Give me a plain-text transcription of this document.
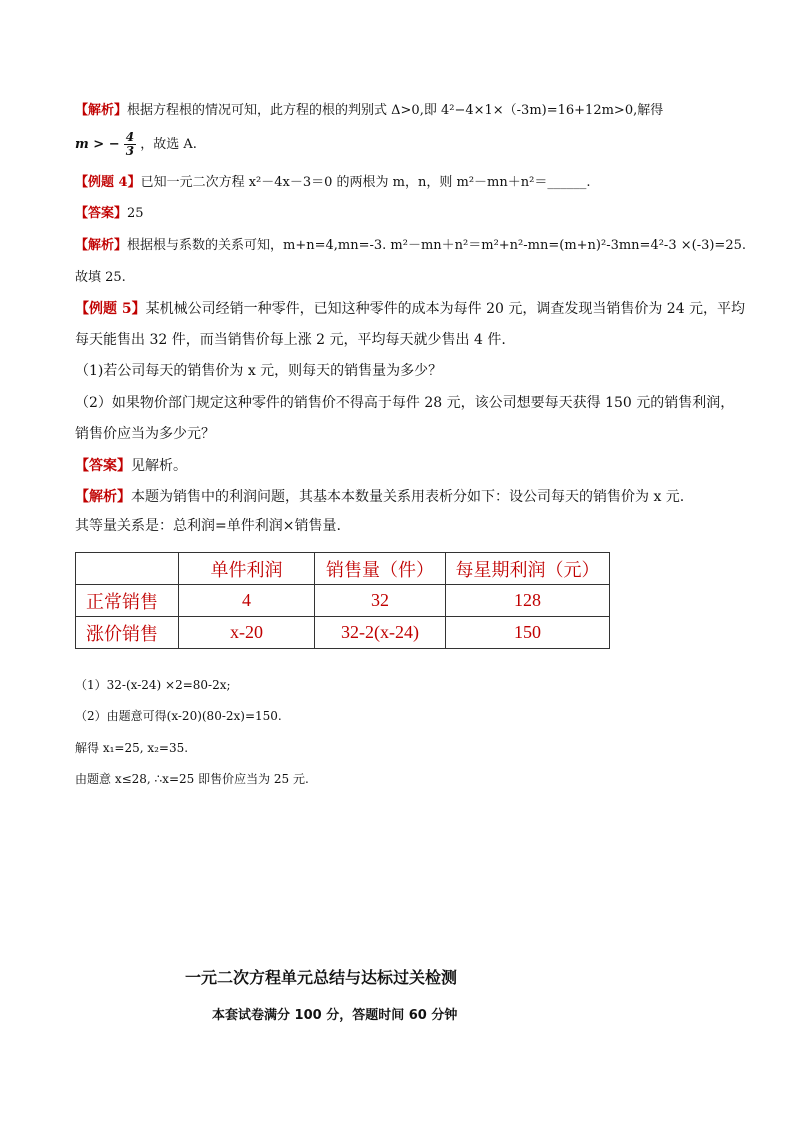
【解析】根据方程根的情况可知，此方程的根的判别式 Δ>0,即 4²−4×1×（-3m)=16+12m>0,解得
m > − $\frac{4}{3}$ ，故选 A.
【例题 4】已知一元二次方程 x²－4x－3＝0 的两根为 m，n，则 m²－mn＋n²＝______.
【答案】25
【解析】根据根与系数的关系可知，m+n=4,mn=-3. m²－mn＋n²＝m²+n²-mn=(m+n)²-3mn=4²-3 ×(-3)=25.
故填 25.
【例题 5】某机械公司经销一种零件，已知这种零件的成本为每件 20 元，调查发现当销售价为 24 元，平均
每天能售出 32 件，而当销售价每上涨 2 元，平均每天就少售出 4 件.
（1)若公司每天的销售价为 x 元，则每天的销售量为多少？
（2）如果物价部门规定这种零件的销售价不得高于每件 28 元，该公司想要每天获得 150 元的销售利润，
销售价应当为多少元？
【答案】见解析。
【解析】本题为销售中的利润问题，其基本本数量关系用表析分如下：设公司每天的销售价为 x 元.
其等量关系是：总利润=单件利润×销售量.
	单件利润	销售量（件）	每星期利润（元）
正常销售	4	32	128
涨价销售	x-20	32-2(x-24)	150
（1）32-(x-24) ×2=80-2x;
（2）由题意可得(x-20)(80-2x)=150.
解得 x₁=25, x₂=35.
由题意 x≤28, ∴x=25 即售价应当为 25 元.
一元二次方程单元总结与达标过关检测
本套试卷满分 100 分，答题时间 60 分钟
